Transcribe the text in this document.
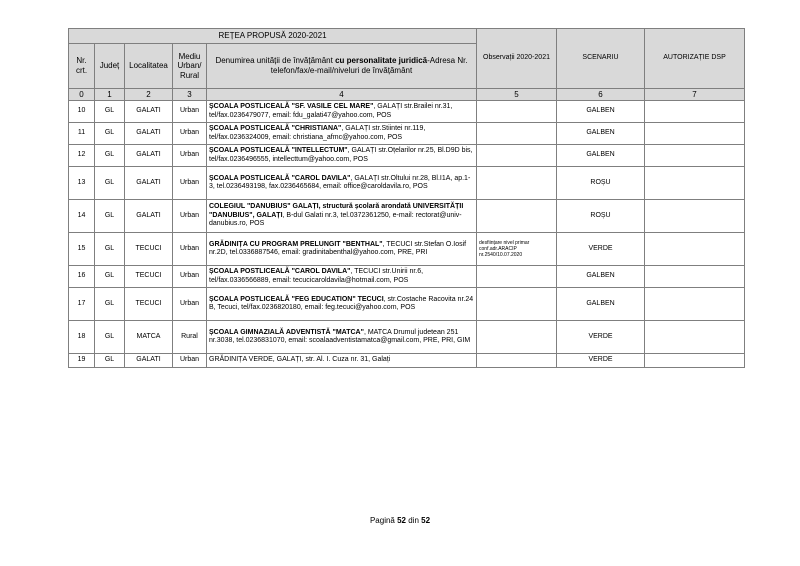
REȚEA PROPUSĂ 2020-2021					Observații 2020-2021	SCENARIU	AUTORIZAȚIE DSP
Nr. crt.	Județ	Localitatea	Mediu Urban/ Rural	Denumirea unității de învățământ cu personalitate juridică-Adresa Nr. telefon/fax/e-mail/niveluri de învățământ			
0	1	2	3	4	5	6	7
10	GL	GALATI	Urban	ȘCOALA POSTLICEALĂ "SF. VASILE CEL MARE", GALAȚI str.Brailei nr.31, tel/fax.0236479077, email: fdu_galati47@yahoo.com, POS		GALBEN	
11	GL	GALATI	Urban	ȘCOALA POSTLICEALĂ "CHRISTIANA", GALAȚI str.Stiintei nr.119, tel/fax.0236324009, email: christiana_afmc@yahoo.com, POS		GALBEN	
12	GL	GALATI	Urban	ȘCOALA POSTLICEALĂ "INTELLECTUM", GALAȚI str.Oțelarilor nr.25, Bl.D9D bis, tel/fax.0236496555, intellecttum@yahoo.com, POS		GALBEN	
13	GL	GALATI	Urban	ȘCOALA POSTLICEALĂ "CAROL DAVILA", GALAȚI str.Oltului nr.28, Bl.I1A, ap.1-3, tel.0236493198, fax.0236465684, email: office@caroldavila.ro, POS		ROȘU	
14	GL	GALATI	Urban	COLEGIUL "DANUBIUS" GALAȚI, structură școlară arondată UNIVERSITĂȚII "DANUBIUS", GALAȚI, B-dul Galati nr.3, tel.0372361250, e-mail: rectorat@univ-danubius.ro, POS		ROȘU	
15	GL	TECUCI	Urban	GRĂDINIȚA CU PROGRAM PRELUNGIT "BENTHAL", TECUCI str.Stefan O.Iosif nr.2D, tel.0336887546, email: gradinitabenthal@yahoo.com, PRE, PRI	desființare nivel primar conf.adr.ARACIP nr.2540/10.07.2020	VERDE	
16	GL	TECUCI	Urban	ȘCOALA POSTLICEALĂ "CAROL DAVILA", TECUCI str.Unirii nr.6, tel/fax.0336566889, email: tecucicaroldavila@hotmail.com, POS		GALBEN	
17	GL	TECUCI	Urban	ȘCOALA POSTLICEALĂ "FEG EDUCATION" TECUCI, str.Costache Racovita nr.24 B, Tecuci, tel/fax.0236820180, email: feg.tecuci@yahoo.com, POS		GALBEN	
18	GL	MATCA	Rural	ȘCOALA GIMNAZIALĂ ADVENTISTĂ "MATCA", MATCA Drumul judetean 251 nr.3038, tel.0236831070, email: scoalaadventistamatca@gmail.com, PRE, PRI, GIM		VERDE	
19	GL	GALATI	Urban	GRĂDINIȚA VERDE, GALAȚI, str. Al. I. Cuza nr. 31, Galați		VERDE	
Pagină 52 din 52
